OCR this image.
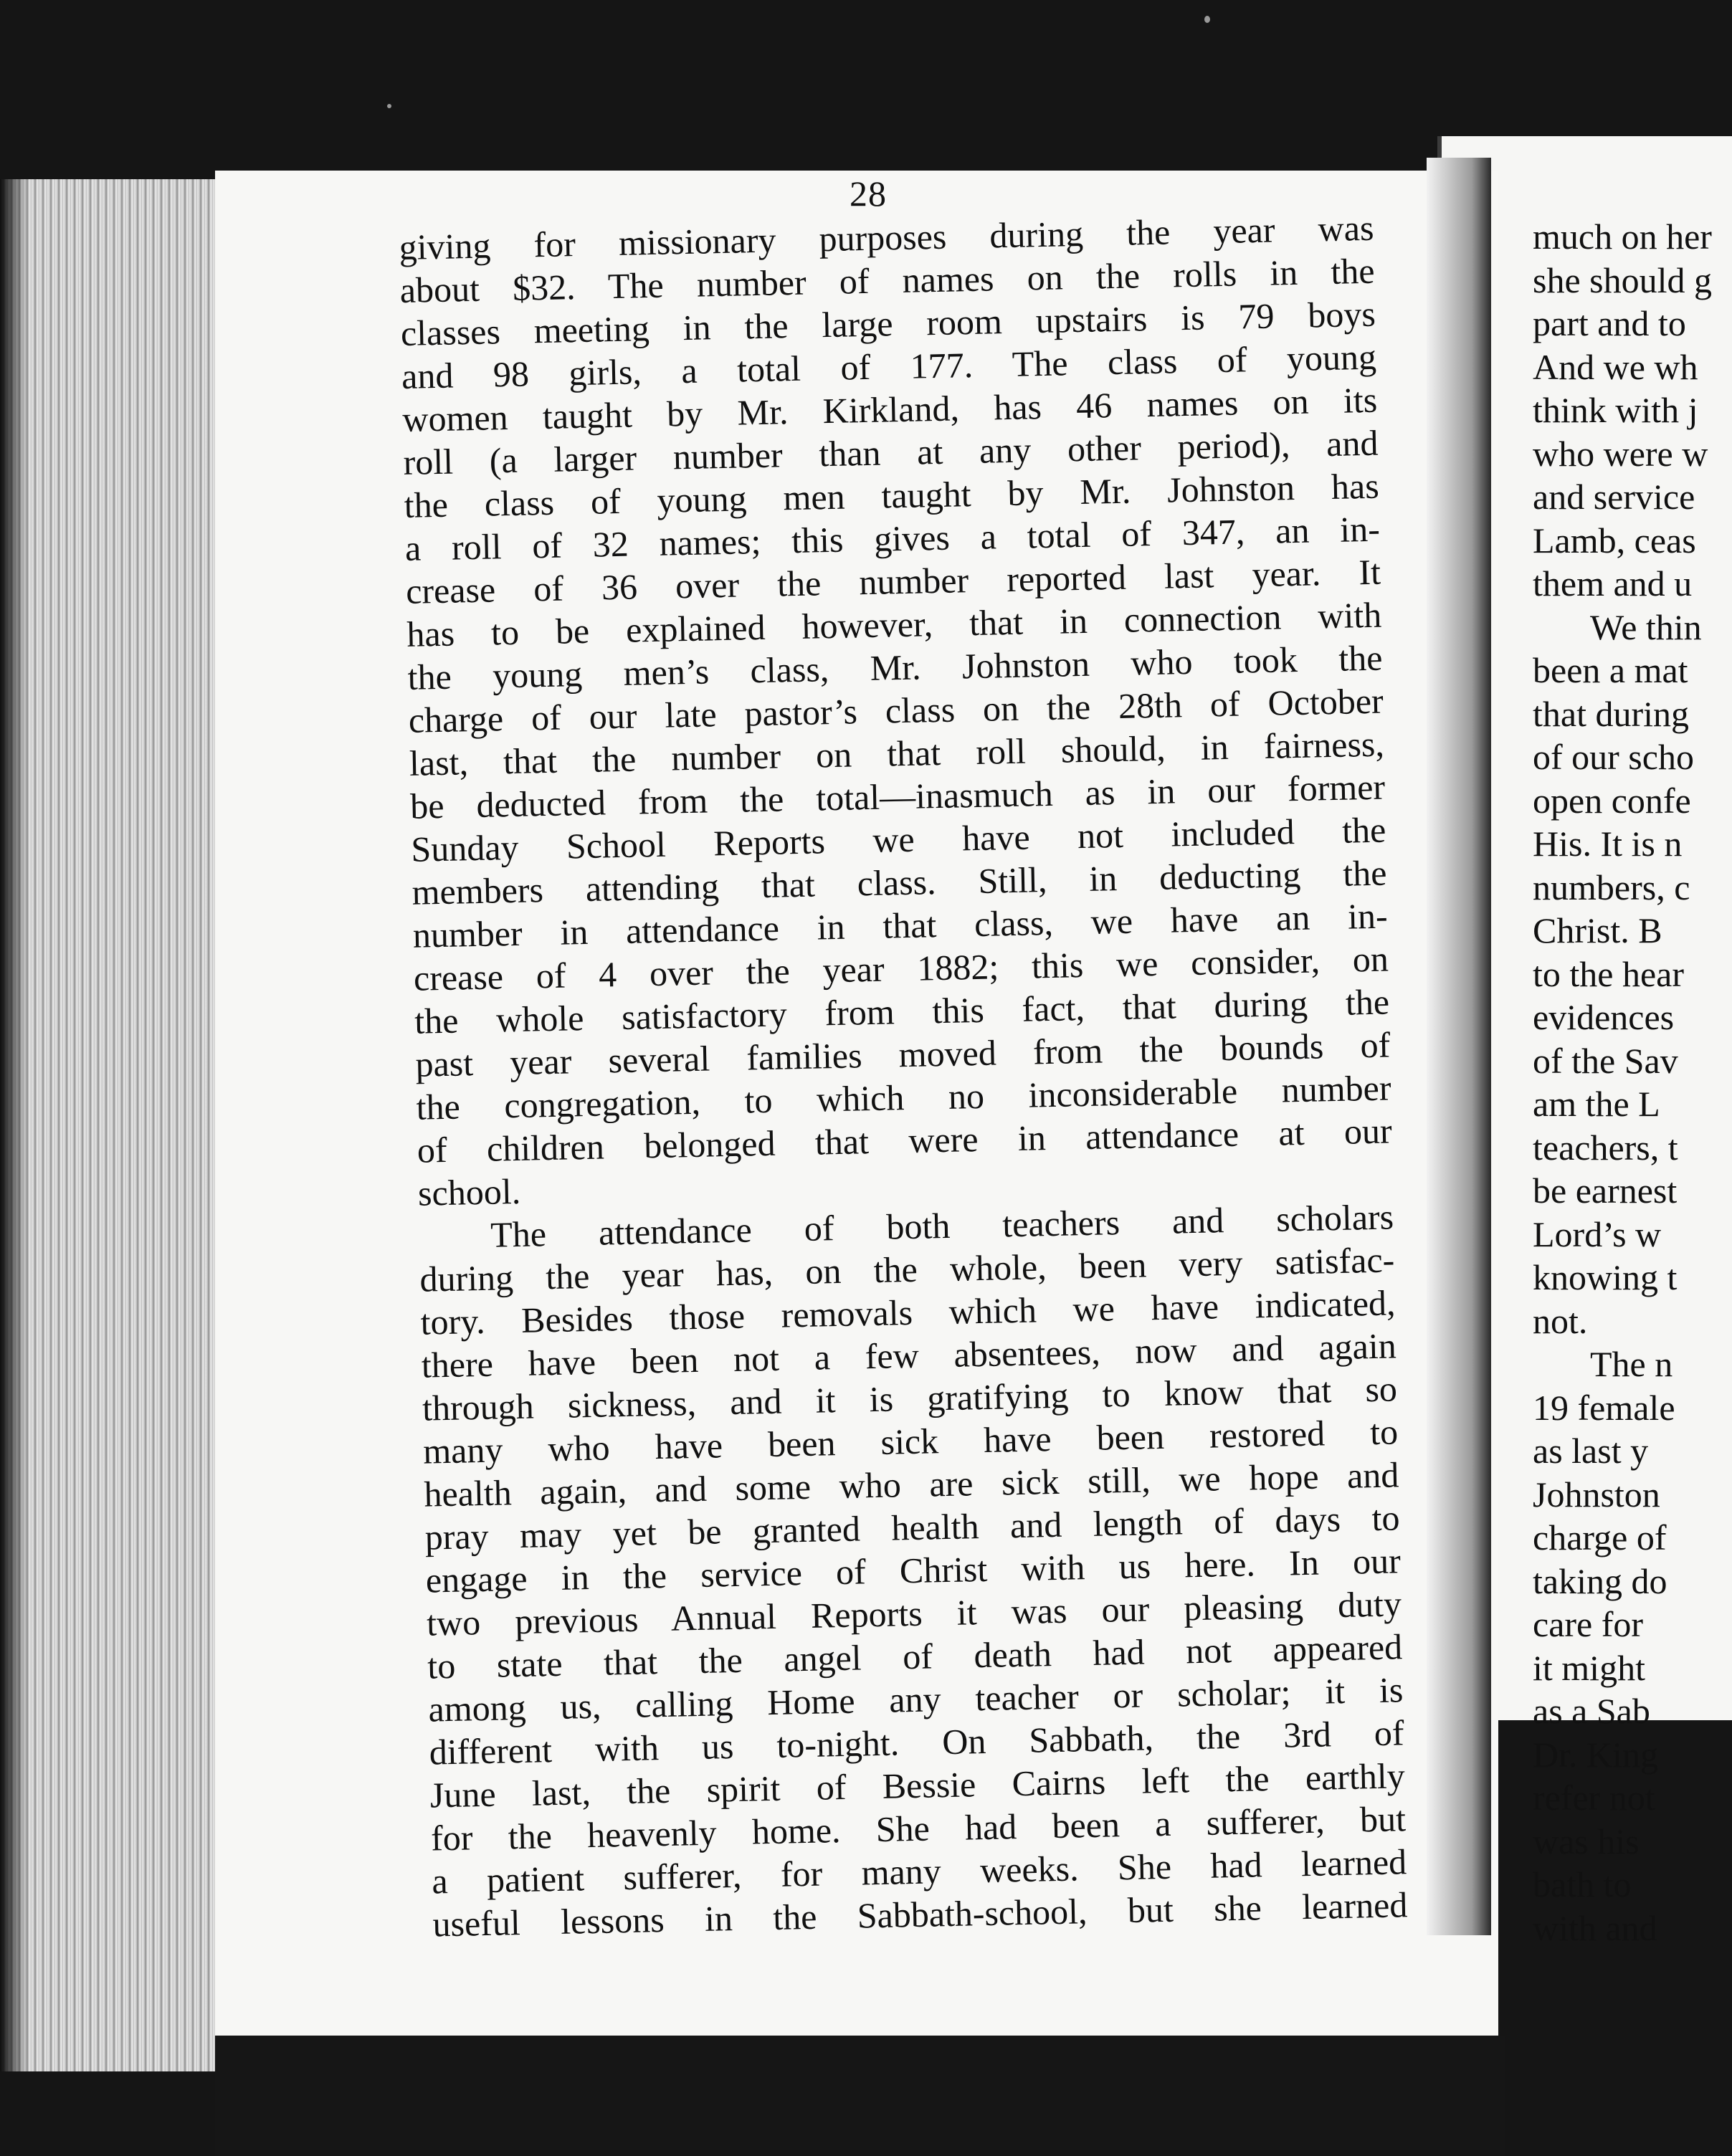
28
giving for missionary purposes during the year was
about $32. The number of names on the rolls in the
classes meeting in the large room upstairs is 79 boys
and 98 girls, a total of 177. The class of young
women taught by Mr. Kirkland, has 46 names on its
roll (a larger number than at any other period), and
the class of young men taught by Mr. Johnston has
a roll of 32 names; this gives a total of 347, an in-
crease of 36 over the number reported last year. It
has to be explained however, that in connection with
the young men’s class, Mr. Johnston who took the
charge of our late pastor’s class on the 28th of October
last, that the number on that roll should, in fairness,
be deducted from the total—inasmuch as in our former
Sunday School Reports we have not included the
members attending that class. Still, in deducting the
number in attendance in that class, we have an in-
crease of 4 over the year 1882; this we consider, on
the whole satisfactory from this fact, that during the
past year several families moved from the bounds of
the congregation, to which no inconsiderable number
of children belonged that were in attendance at our
school.
The attendance of both teachers and scholars
during the year has, on the whole, been very satisfac-
tory. Besides those removals which we have indicated,
there have been not a few absentees, now and again
through sickness, and it is gratifying to know that so
many who have been sick have been restored to
health again, and some who are sick still, we hope and
pray may yet be granted health and length of days to
engage in the service of Christ with us here. In our
two previous Annual Reports it was our pleasing duty
to state that the angel of death had not appeared
among us, calling Home any teacher or scholar; it is
different with us to-night. On Sabbath, the 3rd of
June last, the spirit of Bessie Cairns left the earthly
for the heavenly home. She had been a sufferer, but
a patient sufferer, for many weeks. She had learned
useful lessons in the Sabbath-school, but she learned
much on her
she should g
part and to
And we wh
think with j
who were w
and service
Lamb, ceas
them and u
We thin
been a mat
that during
of our scho
open confe
His. It is n
numbers, c
Christ. B
to the hear
evidences
of the Sav
am the L
teachers, t
be earnest
Lord’s w
knowing t
not.
The n
19 female
as last y
Johnston
charge of
taking do
care for
it might
as a Sab
Dr. King
refer not
was his
bath to
with and
